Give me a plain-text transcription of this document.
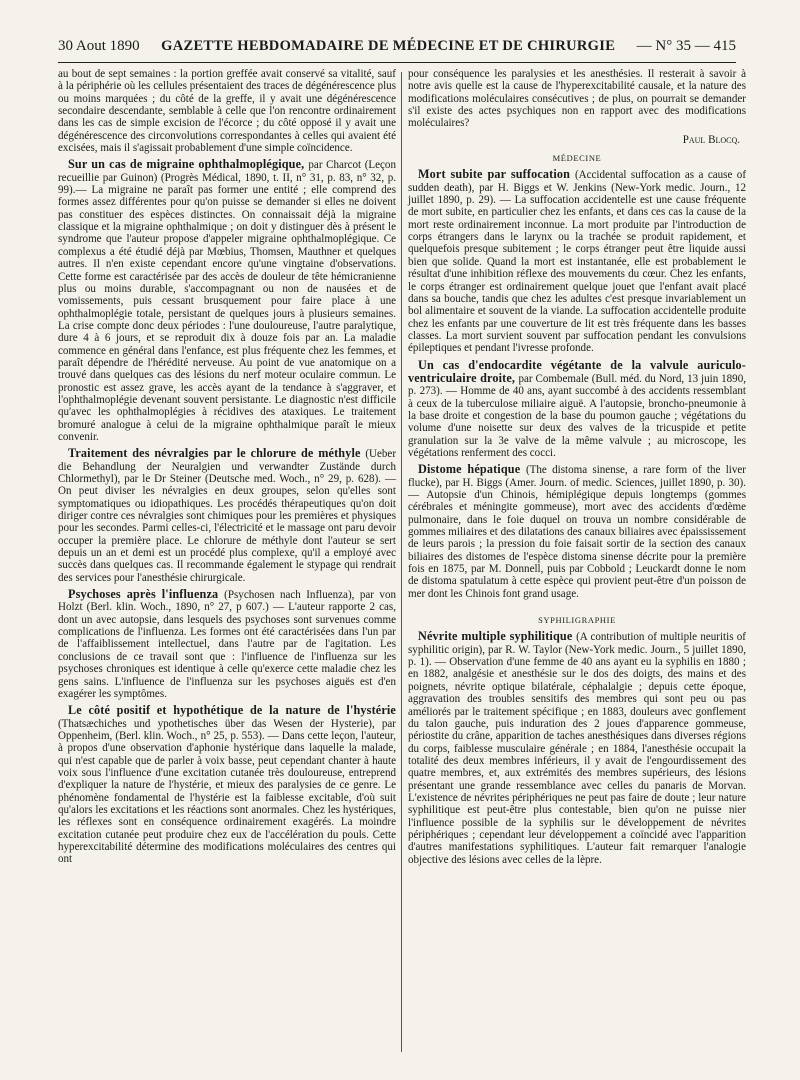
30 Aout 1890 GAZETTE HEBDOMADAIRE DE MÉDECINE ET DE CHIRURGIE — N° 35 — 415

au bout de sept semaines : la portion greffée avait conservé sa vitalité, sauf à la périphérie où les cellules présentaient des traces de dégénérescence plus ou moins marquées ; du côté de la greffe, il y avait une dégénérescence secondaire descendante, semblable à celle que l'on rencontre ordinairement dans les cas de simple excision de l'écorce ; du côté opposé il y avait une dégénérescence des circonvolutions correspondantes à celles qui avaient été excisées, mais il s'agissait probablement d'une simple coïncidence.

Sur un cas de migraine ophthalmoplégique, par Charcot (Leçon recueillie par Guinon) (Progrès Médical, 1890, t. II, n° 31, p. 83, n° 32, p. 99).— La migraine ne paraît pas former une entité ; elle comprend des formes assez différentes pour qu'on puisse se demander si elles ne doivent pas constituer des espèces distinctes. On connaissait déjà la migraine classique et la migraine ophthalmique ; on doit y distinguer dès à présent le syndrome que l'auteur propose d'appeler migraine ophthalmoplégique. Ce complexus a été étudié déjà par Mœbius, Thomsen, Mauthner et quelques autres. Il n'en existe cependant encore qu'une vingtaine d'observations. Cette forme est caractérisée par des accès de douleur de tête hémicranienne plus ou moins durable, s'accompagnant ou non de nausées et de vomissements, puis cessant brusquement pour faire place à une ophthalmoplégie totale, persistant de quelques jours à plusieurs semaines. La crise compte donc deux périodes : l'une douloureuse, l'autre paralytique, dure 4 à 6 jours, et se reproduit dix à douze fois par an. La maladie commence en général dans l'enfance, est plus fréquente chez les femmes, et paraît dépendre de l'hérédité nerveuse. Au point de vue anatomique on a trouvé dans quelques cas des lésions du nerf moteur oculaire commun. Le pronostic est assez grave, les accès ayant de la tendance à s'aggraver, et l'ophthalmoplégie devenant souvent persistante. Le diagnostic n'est difficile qu'avec les ophthalmoplégies à récidives des ataxiques. Le traitement bromuré analogue à celui de la migraine ophthalmique paraît le mieux convenir.

Traitement des névralgies par le chlorure de méthyle (Ueber die Behandlung der Neuralgien und verwandter Zustände durch Chlormethyl), par le Dr Steiner (Deutsche med. Woch., n° 29, p. 628). — On peut diviser les névralgies en deux groupes, selon qu'elles sont symptomatiques ou idiopathiques. Les procédés thérapeutiques qu'on doit diriger contre ces névralgies sont chimiques pour les premières et physiques pour les secondes. Parmi celles-ci, l'électricité et le massage ont paru devoir occuper la première place. Le chlorure de méthyle dont l'auteur se sert depuis un an et demi est un procédé plus complexe, qu'il a employé avec succès dans quelques cas. Il recommande également le stypage qui rendrait des services pour l'anesthésie chirurgicale.

Psychoses après l'influenza (Psychosen nach Influenza), par von Holzt (Berl. klin. Woch., 1890, n° 27, p 607.) — L'auteur rapporte 2 cas, dont un avec autopsie, dans lesquels des psychoses sont survenues comme complications de l'influenza. Les formes ont été caractérisées dans l'un par de l'affaiblissement intellectuel, dans l'autre par de l'agitation. Les conclusions de ce travail sont que : l'influence de l'influenza sur les psychoses chroniques est identique à celle qu'exerce cette maladie chez les gens sains. L'influence de l'influenza sur les psychoses aiguës est d'en exagérer les symptômes.

Le côté positif et hypothétique de la nature de l'hystérie (Thatsæchiches und ypothetisches über das Wesen der Hysterie), par Oppenheim, (Berl. klin. Woch., n° 25, p. 553). — Dans cette leçon, l'auteur, à propos d'une observation d'aphonie hystérique dans laquelle la malade, qui n'est capable que de parler à voix basse, peut cependant chanter à haute voix sous l'influence d'une excitation cutanée très douloureuse, entreprend d'expliquer la nature de l'hystérie, et mieux des paralysies de ce genre. Le phénomène fondamental de l'hystérie est la faiblesse excitable, d'où suit qu'alors les excitations et les réactions sont anormales. Chez les hystériques, les réflexes sont en conséquence ordinairement exagérés. La moindre excitation cutanée peut produire chez eux de l'accélération du pouls. Cette hyperexcitabilité détermine des modifications moléculaires des centres qui ont

pour conséquence les paralysies et les anesthésies. Il resterait à savoir à notre avis quelle est la cause de l'hyperexcitabilité causale, et la nature des modifications moléculaires consécutives ; de plus, on pourrait se demander s'il existe des actes psychiques non en rapport avec des modifications moléculaires?

Paul Blocq.

MÉDECINE

Mort subite par suffocation (Accidental suffocation as a cause of sudden death), par H. Biggs et W. Jenkins (New-York medic. Journ., 12 juillet 1890, p. 29). — La suffocation accidentelle est une cause fréquente de mort subite, en particulier chez les enfants, et dans ces cas la cause de la mort reste ordinairement inconnue. La mort produite par l'introduction de corps étrangers dans le larynx ou la trachée se produit rapidement, et quelquefois presque subitement ; le corps étranger peut être liquide aussi bien que solide. Quand la mort est instantanée, elle est probablement le résultat d'une inhibition réflexe des mouvements du cœur. Chez les enfants, le corps étranger est ordinairement quelque jouet que l'enfant avait placé dans sa bouche, tandis que chez les adultes c'est presque invariablement un bol alimentaire et souvent de la viande. La suffocation accidentelle produite chez les enfants par une couverture de lit est très fréquente dans les basses classes. La mort survient souvent par suffocation pendant les convulsions épileptiques et pendant l'ivresse profonde.

Un cas d'endocardite végétante de la valvule auriculo-ventriculaire droite, par Combemale (Bull. méd. du Nord, 13 juin 1890, p. 273). — Homme de 40 ans, ayant succombé à des accidents ressemblant à ceux de la tuberculose miliaire aiguë. A l'autopsie, broncho-pneumonie à la base droite et congestion de la base du poumon gauche ; végétations du volume d'une noisette sur deux des valves de la tricuspide et petite granulation sur la 3e valve de la même valvule ; au microscope, les végétations renferment des cocci.

Distome hépatique (The distoma sinense, a rare form of the liver flucke), par H. Biggs (Amer. Journ. of medic. Sciences, juillet 1890, p. 30). — Autopsie d'un Chinois, hémiplégique depuis longtemps (gommes cérébrales et méningite gommeuse), mort avec des accidents d'œdème pulmonaire, dans le foie duquel on trouva un nombre considérable de gommes miliaires et des dilatations des canaux biliaires avec épaississement de leurs parois ; la pression du foie faisait sortir de la section des canaux biliaires des distomes de l'espèce distoma sinense décrite pour la première fois en 1875, par M. Donnell, puis par Cobbold ; Leuckardt donne le nom de distoma spatulatum à cette espèce qui provient peut-être d'un poisson de mer dont les Chinois font grand usage.

SYPHILIGRAPHIE

Névrite multiple syphilitique (A contribution of multiple neuritis of syphilitic origin), par R. W. Taylor (New-York medic. Journ., 5 juillet 1890, p. 1). — Observation d'une femme de 40 ans ayant eu la syphilis en 1880 ; en 1882, analgésie et anesthésie sur le dos des doigts, des mains et des poignets, névrite optique bilatérale, céphalalgie ; depuis cette époque, aggravation des troubles sensitifs des membres qui sont peu ou pas améliorés par le traitement spécifique ; en 1883, douleurs avec gonflement du talon gauche, puis induration des 2 joues d'apparence gommeuse, périostite du crâne, apparition de taches anesthésiques dans diverses régions du corps, faiblesse musculaire générale ; en 1884, l'anesthésie occupait la totalité des deux membres inférieurs, il y avait de l'engourdissement des quatre membres, et, aux extrémités des membres supérieurs, des lésions présentant une grande ressemblance avec celles du panaris de Morvan. L'existence de névrites périphériques ne peut pas faire de doute ; leur nature syphilitique est peut-être plus contestable, bien qu'on ne puisse nier l'influence possible de la syphilis sur le développement de névrites périphériques ; cependant leur développement a coïncidé avec l'apparition d'autres manifestations syphilitiques. L'auteur fait remarquer l'analogie objective des lésions avec celles de la lèpre.
